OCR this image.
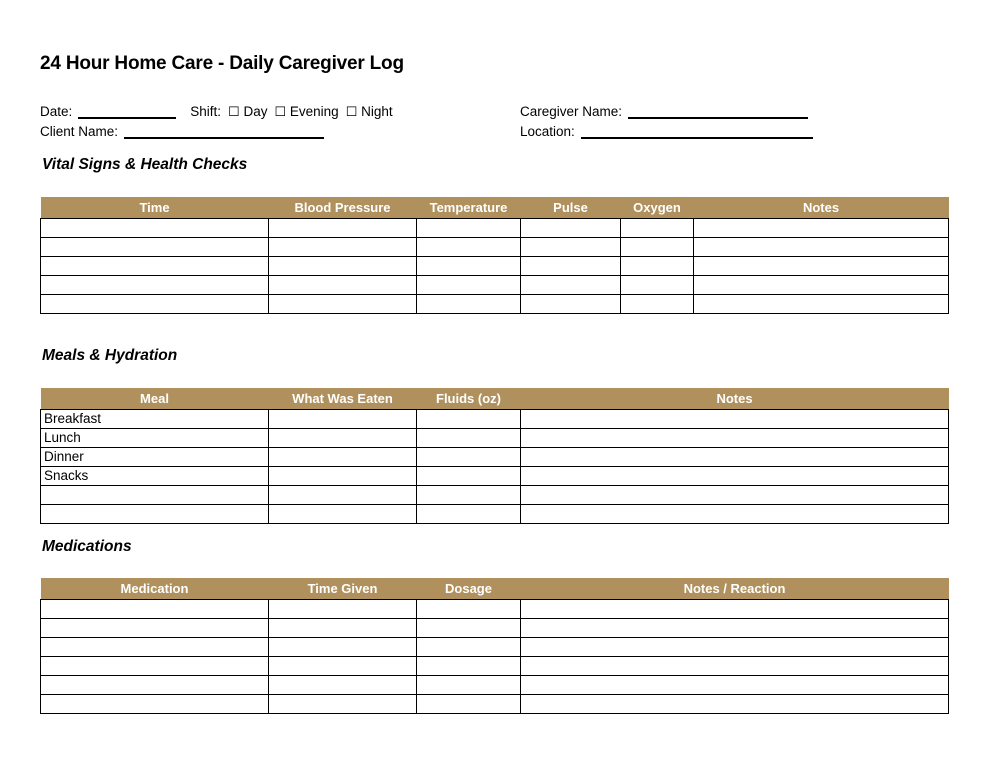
24 Hour Home Care - Daily Caregiver Log
Date:	Shift: ☐ Day ☐ Evening ☐ Night	Caregiver Name:
Client Name:	Location:
Vital Signs & Health Checks
Time	Blood Pressure	Temperature	Pulse	Oxygen	Notes

Meals & Hydration
Meal	What Was Eaten	Fluids (oz)	Notes
Breakfast			
Lunch			
Dinner			
Snacks			

Medications
Medication	Time Given	Dosage	Notes / Reaction
